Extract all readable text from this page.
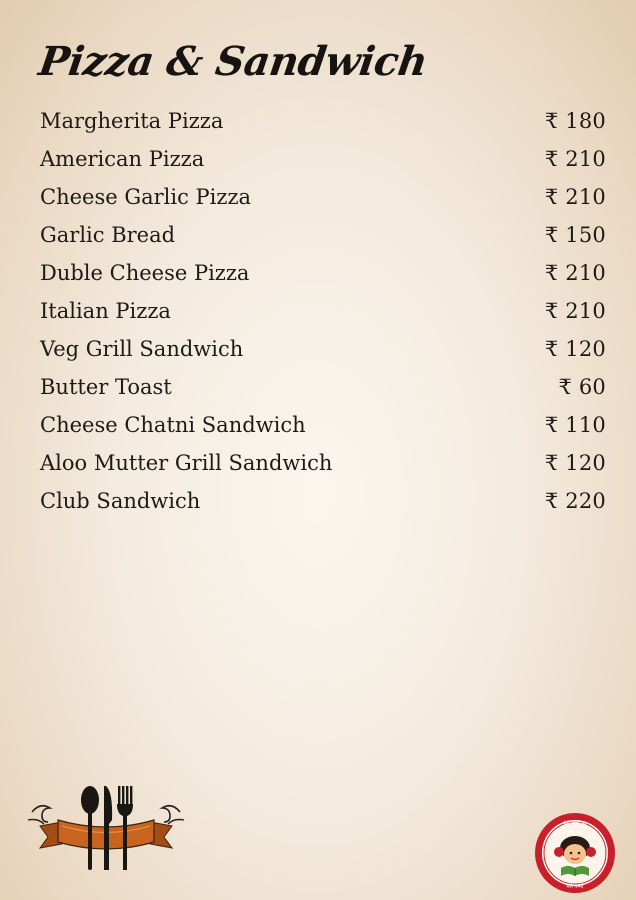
Pizza & Sandwich
Margherita Pizza	₹ 180
American Pizza	₹ 210
Cheese Garlic Pizza	₹ 210
Garlic Bread	₹ 150
Duble Cheese Pizza	₹ 210
Italian Pizza	₹ 210
Veg Grill Sandwich	₹ 120
Butter Toast	₹ 60
Cheese Chatni Sandwich	₹ 110
Aloo Mutter Grill Sandwich	₹ 120
Club Sandwich	₹ 220
मेरी मम्मी का
मेरी मम्मी
